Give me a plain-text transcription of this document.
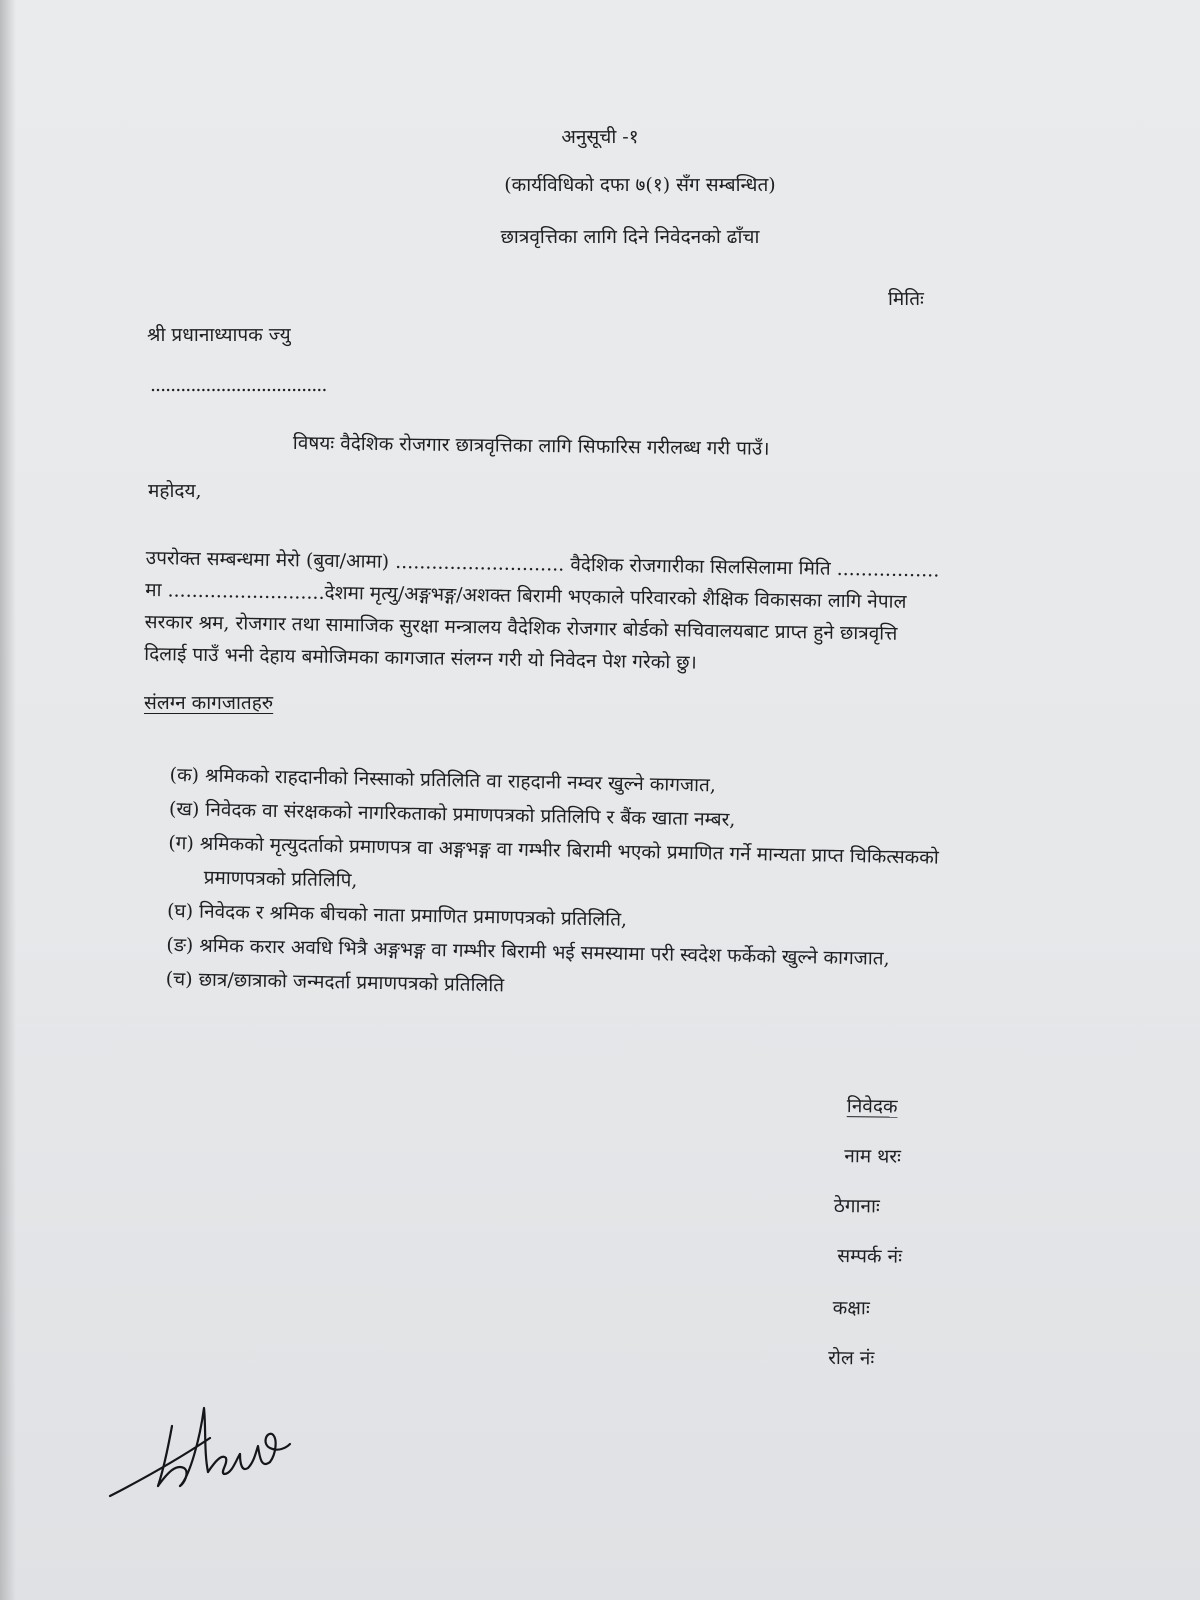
अनुसूची -१
(कार्यविधिको दफा ७(१) सँग सम्बन्धित)
छात्रवृत्तिका लागि दिने निवेदनको ढाँचा
मितिः
श्री प्रधानाध्यापक ज्यु
...................................
विषयः वैदेशिक रोजगार छात्रवृत्तिका लागि सिफारिस गरीलब्ध गरी पाउँ।
महोदय,
उपरोक्त सम्बन्धमा मेरो (बुवा/आमा) ............................ वैदेशिक रोजगारीका सिलसिलामा मिति .................
मा ..........................देशमा मृत्यु/अङ्गभङ्ग/अशक्त बिरामी भएकाले परिवारको शैक्षिक विकासका लागि नेपाल
सरकार श्रम, रोजगार तथा सामाजिक सुरक्षा मन्त्रालय वैदेशिक रोजगार बोर्डको सचिवालयबाट प्राप्त हुने छात्रवृत्ति
दिलाई पाउँ भनी देहाय बमोजिमका कागजात संलग्न गरी यो निवेदन पेश गरेको छु।
संलग्न कागजातहरु
(क) श्रमिकको राहदानीको निस्साको प्रतिलिति वा राहदानी नम्वर खुल्ने कागजात,
(ख) निवेदक वा संरक्षकको नागरिकताको प्रमाणपत्रको प्रतिलिपि र बैंक खाता नम्बर,
(ग) श्रमिकको मृत्युदर्ताको प्रमाणपत्र वा अङ्गभङ्ग वा गम्भीर बिरामी भएको प्रमाणित गर्ने मान्यता प्राप्त चिकित्सकको
प्रमाणपत्रको प्रतिलिपि,
(घ) निवेदक र श्रमिक बीचको नाता प्रमाणित प्रमाणपत्रको प्रतिलिति,
(ङ) श्रमिक करार अवधि भित्रै अङ्गभङ्ग वा गम्भीर बिरामी भई समस्यामा परी स्वदेश फर्केको खुल्ने कागजात,
(च) छात्र/छात्राको जन्मदर्ता प्रमाणपत्रको प्रतिलिति
निवेदक
नाम थरः
ठेगानाः
सम्पर्क नंः
कक्षाः
रोल नंः
